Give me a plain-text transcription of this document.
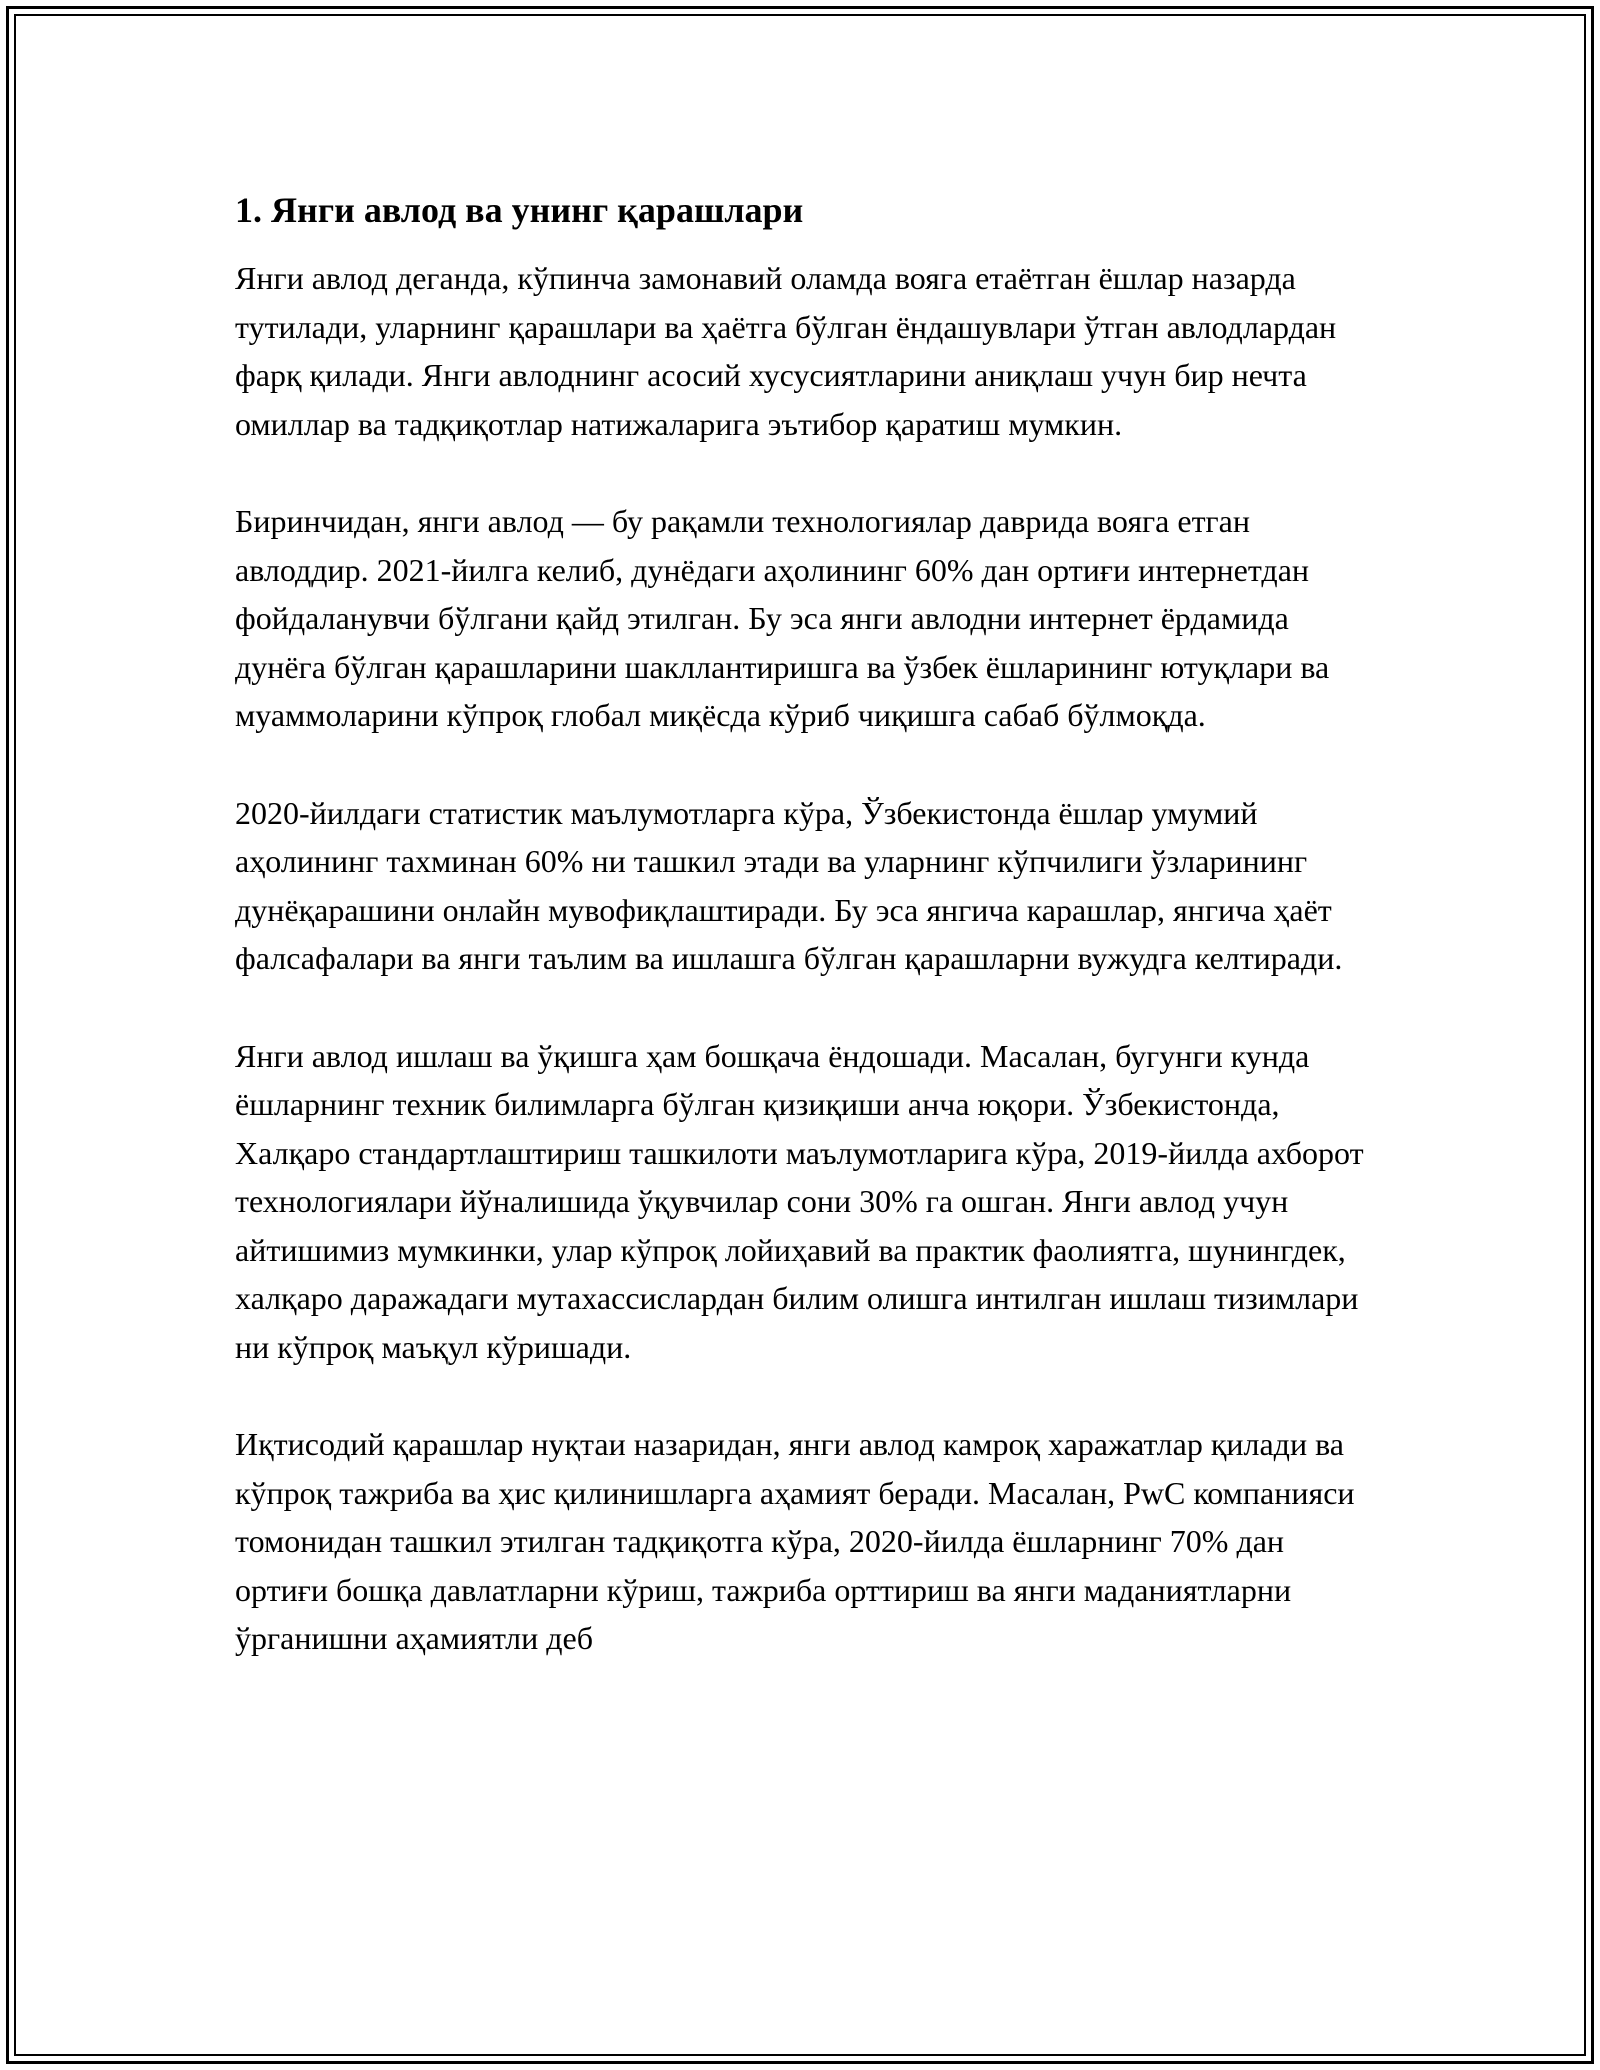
1. Янги авлод ва унинг қарашлари

Янги авлод деганда, кўпинча замонавий оламда вояга етаётган ёшлар назарда тутилади, уларнинг қарашлари ва ҳаётга бўлган ёндашувлари ўтган авлодлардан фарқ қилади. Янги авлоднинг асосий хусусиятларини аниқлаш учун бир нечта омиллар ва тадқиқотлар натижаларига эътибор қаратиш мумкин.

Биринчидан, янги авлод — бу рақамли технологиялар даврида вояга етган авлоддир. 2021-йилга келиб, дунёдаги аҳолининг 60% дан ортиғи интернетдан фойдаланувчи бўлгани қайд этилган. Бу эса янги авлодни интернет ёрдамида дунёга бўлган қарашларини шакллантиришга ва ўзбек ёшларининг ютуқлари ва муаммоларини кўпроқ глобал миқёсда кўриб чиқишга сабаб бўлмоқда.

2020-йилдаги статистик маълумотларга кўра, Ўзбекистонда ёшлар умумий аҳолининг тахминан 60% ни ташкил этади ва уларнинг кўпчилиги ўзларининг дунёқарашини онлайн мувофиқлаштиради. Бу эса янгича карашлар, янгича ҳаёт фалсафалари ва янги таълим ва ишлашга бўлган қарашларни вужудга келтиради.

Янги авлод ишлаш ва ўқишга ҳам бошқача ёндошади. Масалан, бугунги кунда ёшларнинг техник билимларга бўлган қизиқиши анча юқори. Ўзбекистонда, Халқаро стандартлаштириш ташкилоти маълумотларига кўра, 2019-йилда ахборот технологиялари йўналишида ўқувчилар сони 30% га ошган. Янги авлод учун айтишимиз мумкинки, улар кўпроқ лойиҳавий ва практик фаолиятга, шунингдек, халқаро даражадаги мутахассислардан билим олишга интилган ишлаш тизимлари ни кўпроқ маъқул кўришади.

Иқтисодий қарашлар нуқтаи назаридан, янги авлод камроқ харажатлар қилади ва кўпроқ тажриба ва ҳис қилинишларга аҳамият беради. Масалан, PwC компанияси томонидан ташкил этилган тадқиқотга кўра, 2020-йилда ёшларнинг 70% дан ортиғи бошқа давлатларни кўриш, тажриба орттириш ва янги маданиятларни ўрганишни аҳамиятли деб
